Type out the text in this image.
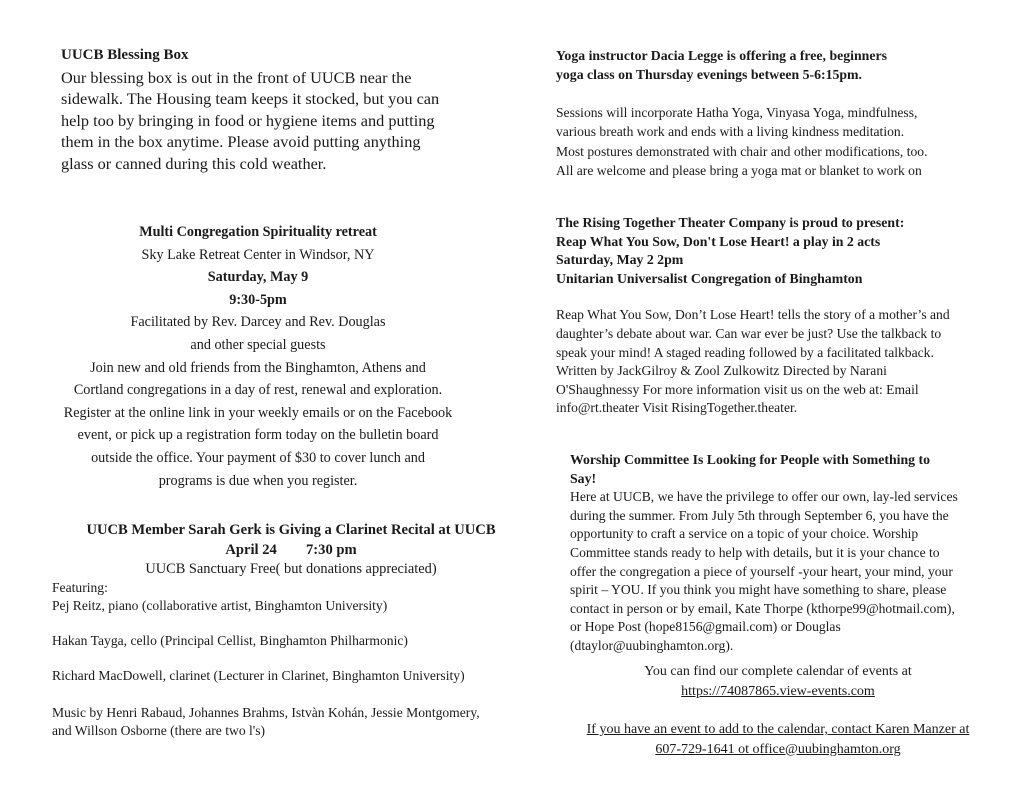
UUCB Blessing Box
Our blessing box is out in the front of UUCB near the
sidewalk. The Housing team keeps it stocked, but you can
help too by bringing in food or hygiene items and putting
them in the box anytime. Please avoid putting anything
glass or canned during this cold weather.
Multi Congregation Spirituality retreat
Sky Lake Retreat Center in Windsor, NY
Saturday, May 9
9:30-5pm
Facilitated by Rev. Darcey and Rev. Douglas
and other special guests
Join new and old friends from the Binghamton, Athens and
Cortland congregations in a day of rest, renewal and exploration.
Register at the online link in your weekly emails or on the Facebook
event, or pick up a registration form today on the bulletin board
outside the office. Your payment of $30 to cover lunch and
programs is due when you register.
UUCB Member Sarah Gerk is Giving a Clarinet Recital at UUCB
April 24        7:30 pm
UUCB Sanctuary Free( but donations appreciated)
Featuring:
Pej Reitz, piano (collaborative artist, Binghamton University)
Hakan Tayga, cello (Principal Cellist, Binghamton Philharmonic)
Richard MacDowell, clarinet (Lecturer in Clarinet, Binghamton University)
Music by Henri Rabaud, Johannes Brahms, Istvàn Kohán, Jessie Montgomery,
and Willson Osborne (there are two l's)
Yoga instructor Dacia Legge is offering a free, beginners
yoga class on Thursday evenings between 5-6:15pm.
Sessions will incorporate Hatha Yoga, Vinyasa Yoga, mindfulness,
various breath work and ends with a living kindness meditation.
Most postures demonstrated with chair and other modifications, too.
All are welcome and please bring a yoga mat or blanket to work on
The Rising Together Theater Company is proud to present:
Reap What You Sow, Don't Lose Heart! a play in 2 acts
Saturday, May 2 2pm
Unitarian Universalist Congregation of Binghamton
Reap What You Sow, Don’t Lose Heart! tells the story of a mother’s and
daughter’s debate about war. Can war ever be just? Use the talkback to
speak your mind! A staged reading followed by a facilitated talkback.
Written by JackGilroy & Zool Zulkowitz Directed by Narani
O'Shaughnessy For more information visit us on the web at: Email
info@rt.theater Visit RisingTogether.theater.
Worship Committee Is Looking for People with Something to
Say!
Here at UUCB, we have the privilege to offer our own, lay-led services
during the summer. From July 5th through September 6, you have the
opportunity to craft a service on a topic of your choice. Worship
Committee stands ready to help with details, but it is your chance to
offer the congregation a piece of yourself -your heart, your mind, your
spirit – YOU. If you think you might have something to share, please
contact in person or by email, Kate Thorpe (kthorpe99@hotmail.com),
or Hope Post (hope8156@gmail.com) or Douglas
(dtaylor@uubinghamton.org).
You can find our complete calendar of events at
https://74087865.view-events.com
If you have an event to add to the calendar, contact Karen Manzer at
607-729-1641 ot office@uubinghamton.org
